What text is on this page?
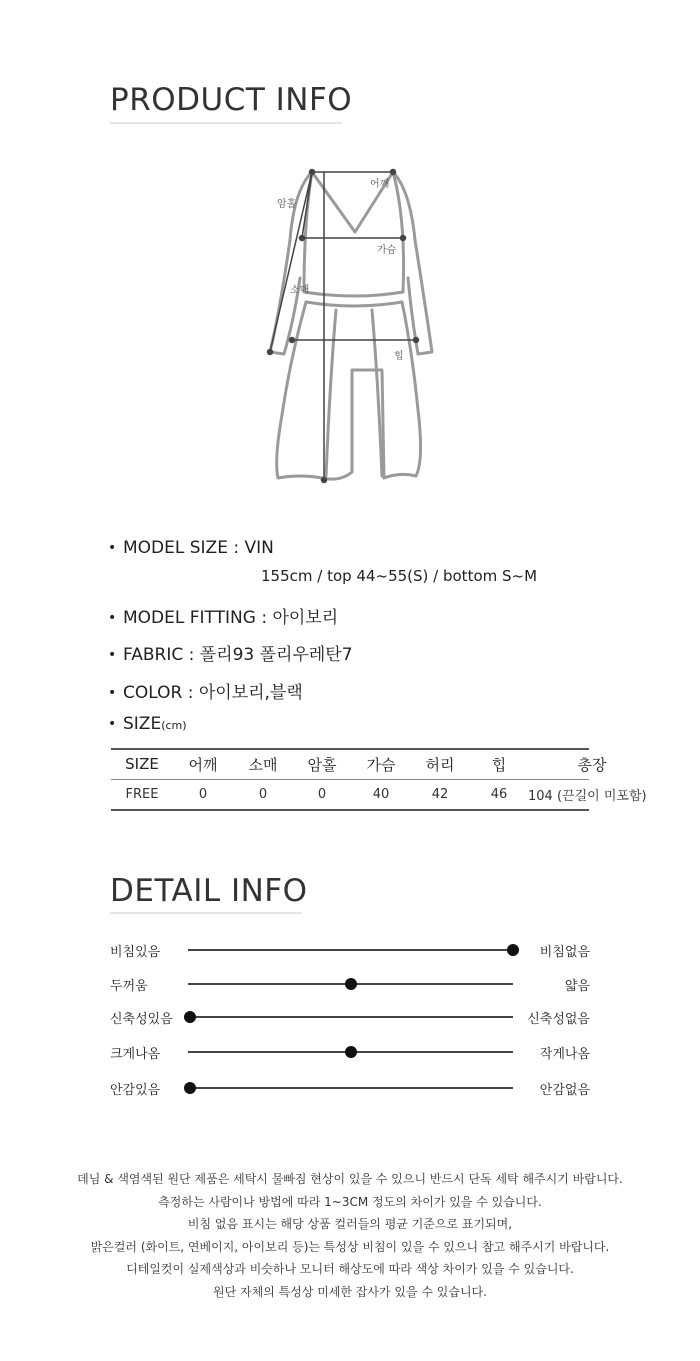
PRODUCT INFO
어깨
암홀
가슴
소매
힙
• MODEL SIZE : VIN
155cm / top 44~55(S) / bottom S~M
• MODEL FITTING : 아이보리
• FABRIC : 폴리93 폴리우레탄7
• COLOR : 아이보리,블랙
• SIZE(cm)
SIZE	어깨	소매	암홀	가슴	허리	힙	총장
FREE	0	0	0	40	42	46	104 (끈길이 미포함)
DETAIL INFO
비침있음	비침없음
두꺼움	얇음
신축성있음	신축성없음
크게나옴	작게나옴
안감있음	안감없음
데님 & 색염색된 원단 제품은 세탁시 물빠짐 현상이 있을 수 있으니 반드시 단독 세탁 해주시기 바랍니다.
측정하는 사람이나 방법에 따라 1~3CM 정도의 차이가 있을 수 있습니다.
비침 없음 표시는 해당 상품 컬러들의 평균 기준으로 표기되며,
밝은컬러 (화이트, 연베이지, 아이보리 등)는 특성상 비침이 있을 수 있으니 참고 해주시기 바랍니다.
디테일컷이 실제색상과 비슷하나 모니터 해상도에 따라 색상 차이가 있을 수 있습니다.
원단 자체의 특성상 미세한 잡사가 있을 수 있습니다.
